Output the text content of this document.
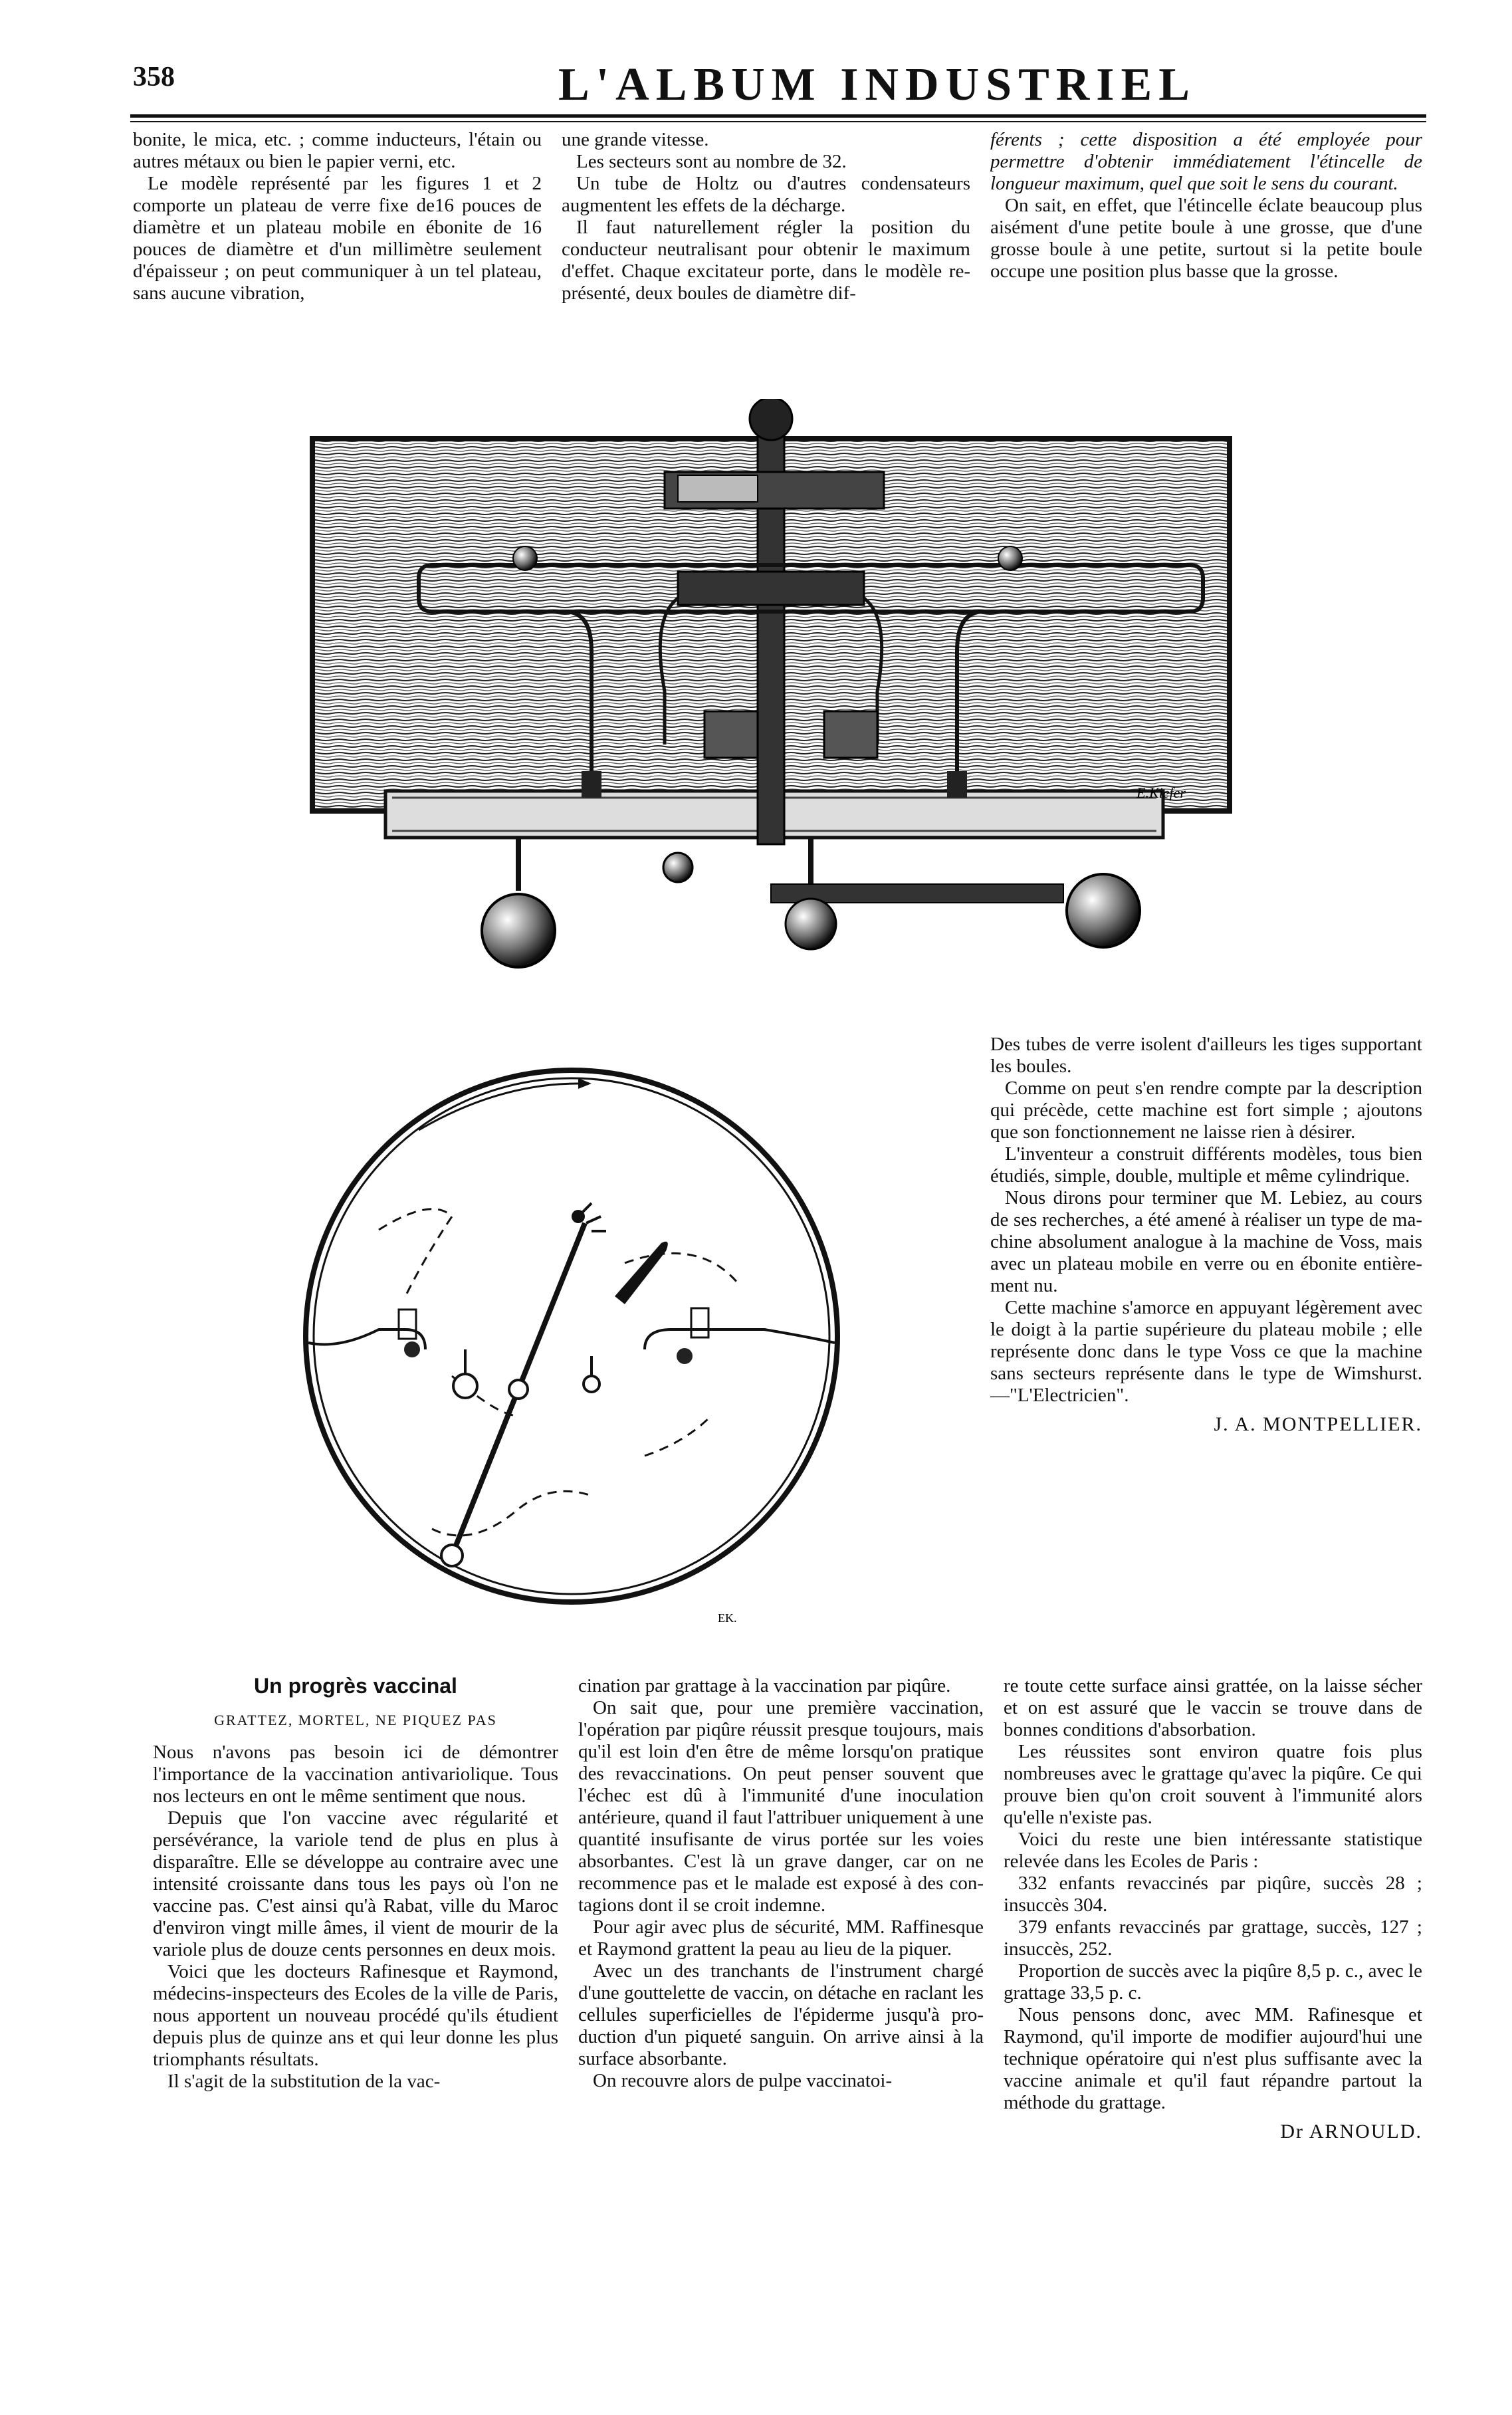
358	L'ALBUM INDUSTRIEL

bonite, le mica, etc. ; comme inducteurs, l'étain ou autres métaux ou bien le papier verni, etc.

Le modèle représenté par les figures 1 et 2 comporte un plateau de verre fixe de16 pouces de diamètre et un plateau mobile en ébonite de 16 pouces de diamètre et d'un millimètre seulement d'épaisseur ; on peut communiquer à un tel plateau, sans aucune vibration,

une grande vitesse.

Les secteurs sont au nombre de 32.

Un tube de Holtz ou d'autres condensateurs augmentent les effets de la décharge.

Il faut naturellement régler la position du conducteur neutralisant pour obtenir le maximum d'effet. Chaque excitateur porte, dans le modèle représenté, deux boules de diamètre dif-

férents ; cette disposition a été employée pour permettre d'obtenir immédiatement l'étincelle de longueur maximum, quel que soit le sens du courant.

On sait, en effet, que l'étincelle éclate beaucoup plus aisément d'une petite boule à une grosse, que d'une grosse boule à une petite, surtout si la petite boule occupe une position plus basse que la grosse.

E.Kiefer
EK.

Des tubes de verre isolent d'ailleurs les tiges supportant les boules.

Comme on peut s'en rendre compte par la description qui précède, cette machine est fort simple ; ajoutons que son fonctionnement ne laisse rien à désirer.

L'inventeur a construit différents modèles, tous bien étudiés, simple, double, multiple et même cylindrique.

Nous dirons pour terminer que M. Lebiez, au cours de ses recherches, a été amené à réaliser un type de machine absolument analogue à la machine de Voss, mais avec un plateau mobile en verre ou en ébonite entièrement nu.

Cette machine s'amorce en appuyant légèrement avec le doigt à la partie supérieure du plateau mobile ; elle représente donc dans le type Voss ce que la machine sans secteurs représente dans le type de Wimshurst.—"L'Electricien".

J. A. MONTPELLIER.
Un progrès vaccinal
GRATTEZ, MORTEL, NE PIQUEZ PAS

Nous n'avons pas besoin ici de démontrer l'importance de la vaccination antivariolique. Tous nos lecteurs en ont le même sentiment que nous.

Depuis que l'on vaccine avec régularité et persévérance, la variole tend de plus en plus à disparaître. Elle se développe au contraire avec une intensité croissante dans tous les pays où l'on ne vaccine pas. C'est ainsi qu'à Rabat, ville du Maroc d'environ vingt mille âmes, il vient de mourir de la variole plus de douze cents personnes en deux mois.

Voici que les docteurs Rafinesque et Raymond, médecins-inspecteurs des Ecoles de la ville de Paris, nous apportent un nouveau procédé qu'ils étudient depuis plus de quinze ans et qui leur donne les plus triomphants résultats.

Il s'agit de la substitution de la vac-

cination par grattage à la vaccination par piqûre.

On sait que, pour une première vaccination, l'opération par piqûre réussit presque toujours, mais qu'il est loin d'en être de même lorsqu'on pratique des revaccinations. On peut penser souvent que l'échec est dû à l'immunité d'une inoculation antérieure, quand il faut l'attribuer uniquement à une quantité insufisante de virus portée sur les voies absorbantes. C'est là un grave danger, car on ne recommence pas et le malade est exposé à des contagions dont il se croit indemne.

Pour agir avec plus de sécurité, MM. Raffinesque et Raymond grattent la peau au lieu de la piquer.

Avec un des tranchants de l'instrument chargé d'une gouttelette de vaccin, on détache en raclant les cellules superficielles de l'épiderme jusqu'à production d'un piqueté sanguin. On arrive ainsi à la surface absorbante.

On recouvre alors de pulpe vaccinatoi-

re toute cette surface ainsi grattée, on la laisse sécher et on est assuré que le vaccin se trouve dans de bonnes conditions d'absorbation.

Les réussites sont environ quatre fois plus nombreuses avec le grattage qu'avec la piqûre. Ce qui prouve bien qu'on croit souvent à l'immunité alors qu'elle n'existe pas.

Voici du reste une bien intéressante statistique relevée dans les Ecoles de Paris :

332 enfants revaccinés par piqûre, succès 28 ; insuccès 304.

379 enfants revaccinés par grattage, succès, 127 ; insuccès, 252.

Proportion de succès avec la piqûre 8,5 p. c., avec le grattage 33,5 p. c.

Nous pensons donc, avec MM. Rafinesque et Raymond, qu'il importe de modifier aujourd'hui une technique opératoire qui n'est plus suffisante avec la vaccine animale et qu'il faut répandre partout la méthode du grattage.

Dr ARNOULD.
